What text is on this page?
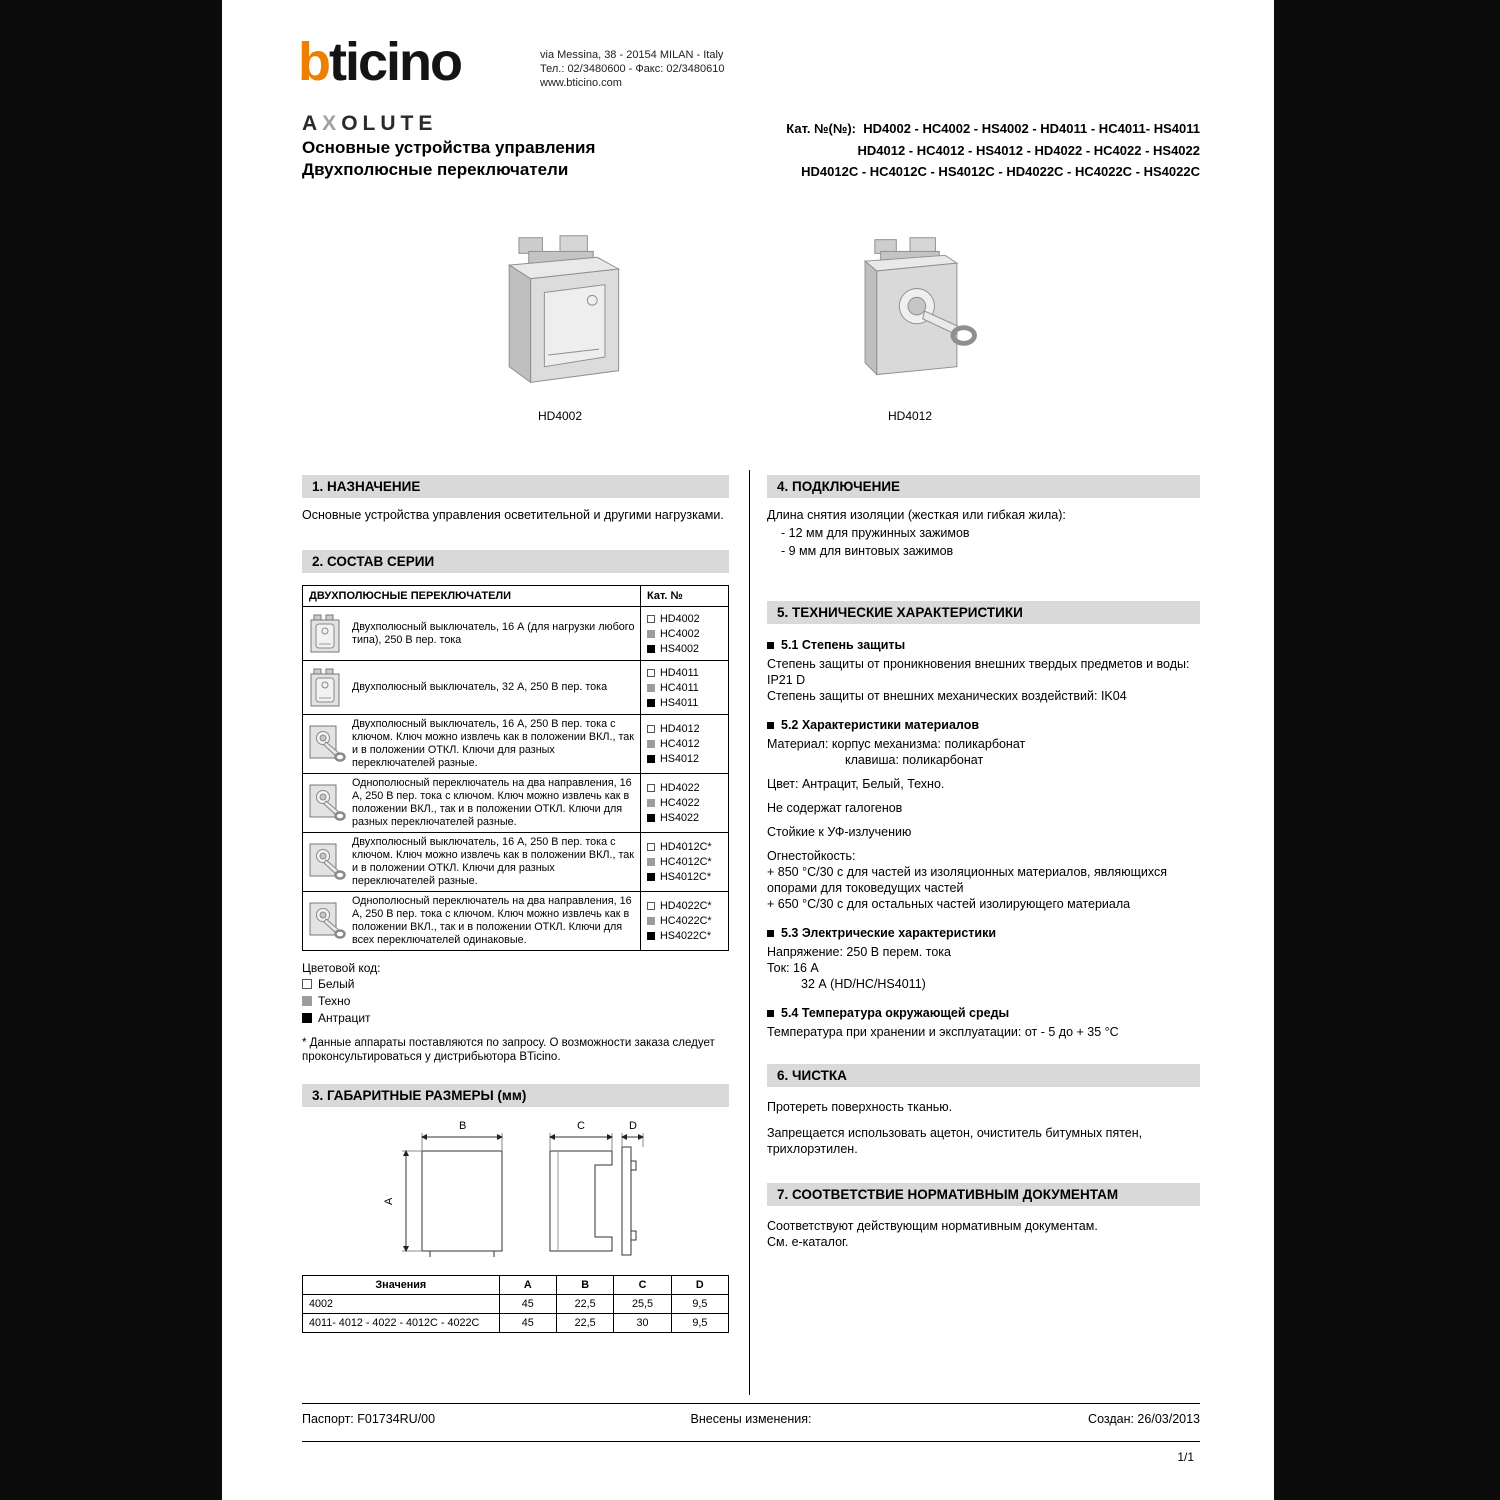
bticino	via Messina, 38 - 20154 MILAN - Italy
Тел.: 02/3480600 - Факс: 02/3480610
www.bticino.com
AXOLUTE
Основные устройства управления
Двухполюсные переключатели
Кат. №(№): HD4002 - HC4002 - HS4002 - HD4011 - HC4011- HS4011
HD4012 - HC4012 - HS4012 - HD4022 - HC4022 - HS4022
HD4012C - HC4012C - HS4012C - HD4022C - HC4022C - HS4022C
HD4002	HD4012
1. НАЗНАЧЕНИЕ

Основные устройства управления осветительной и другими нагрузками.

2. СОСТАВ СЕРИИ
ДВУХПОЛЮСНЫЕ ПЕРЕКЛЮЧАТЕЛИ	Кат. №

Двухполюсный выключатель, 16 А (для нагрузки любого типа), 250 В пер. тока	HD4002
HC4002
HS4002

Двухполюсный выключатель, 32 А, 250 В пер. тока	HD4011
HC4011
HS4011

Двухполюсный выключатель, 16 А, 250 В пер. тока с ключом. Ключ можно извлечь как в положении ВКЛ., так и в положении ОТКЛ. Ключи для разных переключателей разные.	HD4012
HC4012
HS4012

Однополюсный переключатель на два направления, 16 А, 250 В пер. тока с ключом. Ключ можно извлечь как в положении ВКЛ., так и в положении ОТКЛ. Ключи для разных переключателей разные.	HD4022
HC4022
HS4022

Двухполюсный выключатель, 16 А, 250 В пер. тока с ключом. Ключ можно извлечь как в положении ВКЛ., так и в положении ОТКЛ. Ключи для разных переключателей разные.	HD4012C*
HC4012C*
HS4012C*

Однополюсный переключатель на два направления, 16 А, 250 В пер. тока с ключом. Ключ можно извлечь как в положении ВКЛ., так и в положении ОТКЛ. Ключи для всех переключателей одинаковые.	HD4022C*
HC4022C*
HS4022C*
Цветовой код:
Белый
Техно
Антрацит

* Данные аппараты поставляются по запросу. О возможности заказа следует проконсультироваться у дистрибьютора BTicino.

3. ГАБАРИТНЫЕ РАЗМЕРЫ (мм)
B
A
C	D
Значения	A	B	C	D
4002	45	22,5	25,5	9,5
4011- 4012 - 4022 - 4012C - 4022C	45	22,5	30	9,5
4. ПОДКЛЮЧЕНИЕ

Длина снятия изоляции (жесткая или гибкая жила):

- 12 мм для пружинных зажимов

- 9 мм для винтовых зажимов

5. ТЕХНИЧЕСКИЕ ХАРАКТЕРИСТИКИ
5.1 Степень защиты

Степень защиты от проникновения внешних твердых предметов и воды: IP21 D

Степень защиты от внешних механических воздействий: IK04

5.2 Характеристики материалов

Материал: корпус механизма: поликарбонат

клавиша: поликарбонат

Цвет: Антрацит, Белый, Техно.

Не содержат галогенов

Стойкие к УФ-излучению

Огнестойкость:

+ 850 °C/30 с для частей из изоляционных материалов, являющихся опорами для токоведущих частей

+ 650 °C/30 с для остальных частей изолирующего материала

5.3 Электрические характеристики

Напряжение: 250 В перем. тока

Ток: 16 А

32 А (HD/HC/HS4011)

5.4 Температура окружающей среды

Температура при хранении и эксплуатации: от - 5 до + 35 °C

6. ЧИСТКА

Протереть поверхность тканью.

Запрещается использовать ацетон, очиститель битумных пятен, трихлорэтилен.

7. СООТВЕТСТВИЕ НОРМАТИВНЫМ ДОКУМЕНТАМ

Соответствуют действующим нормативным документам.

См. е-каталог.

Паспорт: F01734RU/00	Внесены изменения:	Создан: 26/03/2013
1/1
